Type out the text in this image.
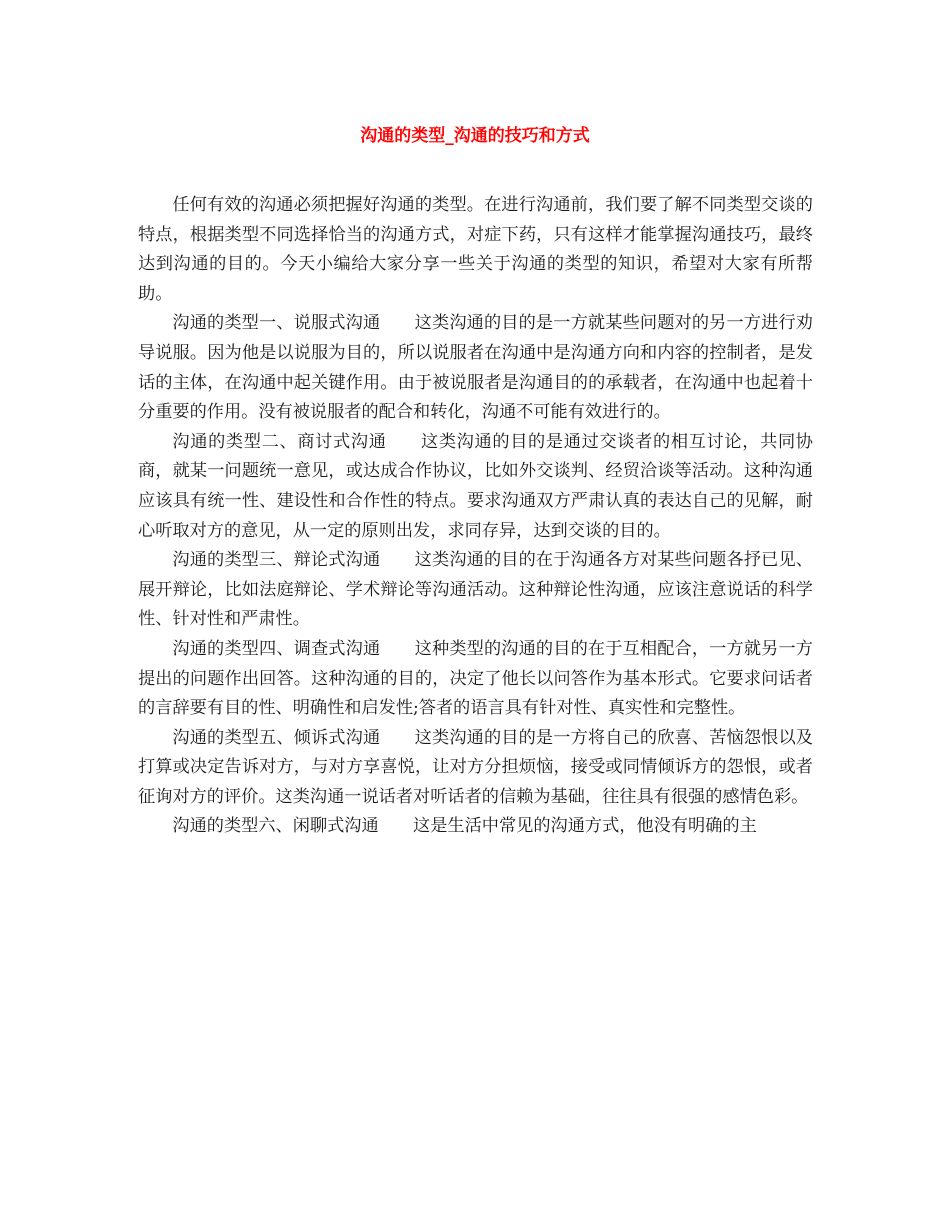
沟通的类型_沟通的技巧和方式

任何有效的沟通必须把握好沟通的类型。在进行沟通前，我们要了解不同类型交谈的特点，根据类型不同选择恰当的沟通方式，对症下药，只有这样才能掌握沟通技巧，最终达到沟通的目的。今天小编给大家分享一些关于沟通的类型的知识，希望对大家有所帮助。

沟通的类型一、说服式沟通 这类沟通的目的是一方就某些问题对的另一方进行劝导说服。因为他是以说服为目的，所以说服者在沟通中是沟通方向和内容的控制者，是发话的主体，在沟通中起关键作用。由于被说服者是沟通目的的承载者，在沟通中也起着十分重要的作用。没有被说服者的配合和转化，沟通不可能有效进行的。

沟通的类型二、商讨式沟通 这类沟通的目的是通过交谈者的相互讨论，共同协商，就某一问题统一意见，或达成合作协议，比如外交谈判、经贸洽谈等活动。这种沟通应该具有统一性、建设性和合作性的特点。要求沟通双方严肃认真的表达自己的见解，耐心听取对方的意见，从一定的原则出发，求同存异，达到交谈的目的。

沟通的类型三、辩论式沟通 这类沟通的目的在于沟通各方对某些问题各抒已见、展开辩论，比如法庭辩论、学术辩论等沟通活动。这种辩论性沟通，应该注意说话的科学性、针对性和严肃性。

沟通的类型四、调查式沟通 这种类型的沟通的目的在于互相配合，一方就另一方提出的问题作出回答。这种沟通的目的，决定了他长以问答作为基本形式。它要求问话者的言辞要有目的性、明确性和启发性;答者的语言具有针对性、真实性和完整性。

沟通的类型五、倾诉式沟通 这类沟通的目的是一方将自己的欣喜、苦恼怨恨以及打算或决定告诉对方，与对方享喜悦，让对方分担烦恼，接受或同情倾诉方的怨恨，或者征询对方的评价。这类沟通一说话者对听话者的信赖为基础，往往具有很强的感情色彩。

沟通的类型六、闲聊式沟通 这是生活中常见的沟通方式，他没有明确的主
